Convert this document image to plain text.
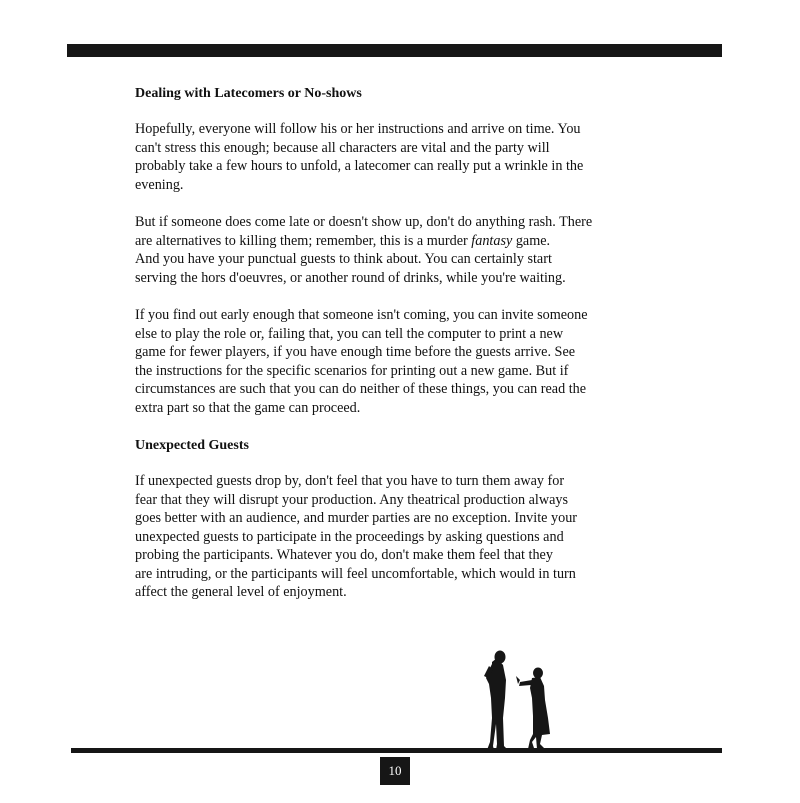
Dealing with Latecomers or No-shows

Hopefully, everyone will follow his or her instructions and arrive on time. You
can't stress this enough; because all characters are vital and the party will
probably take a few hours to unfold, a latecomer can really put a wrinkle in the
evening.

But if someone does come late or doesn't show up, don't do anything rash. There
are alternatives to killing them; remember, this is a murder fantasy game.
And you have your punctual guests to think about. You can certainly start
serving the hors d'oeuvres, or another round of drinks, while you're waiting.

If you find out early enough that someone isn't coming, you can invite someone
else to play the role or, failing that, you can tell the computer to print a new
game for fewer players, if you have enough time before the guests arrive. See
the instructions for the specific scenarios for printing out a new game. But if
circumstances are such that you can do neither of these things, you can read the
extra part so that the game can proceed.

Unexpected Guests

If unexpected guests drop by, don't feel that you have to turn them away for
fear that they will disrupt your production. Any theatrical production always
goes better with an audience, and murder parties are no exception. Invite your
unexpected guests to participate in the proceedings by asking questions and
probing the participants. Whatever you do, don't make them feel that they
are intruding, or the participants will feel uncomfortable, which would in turn
affect the general level of enjoyment.

10
